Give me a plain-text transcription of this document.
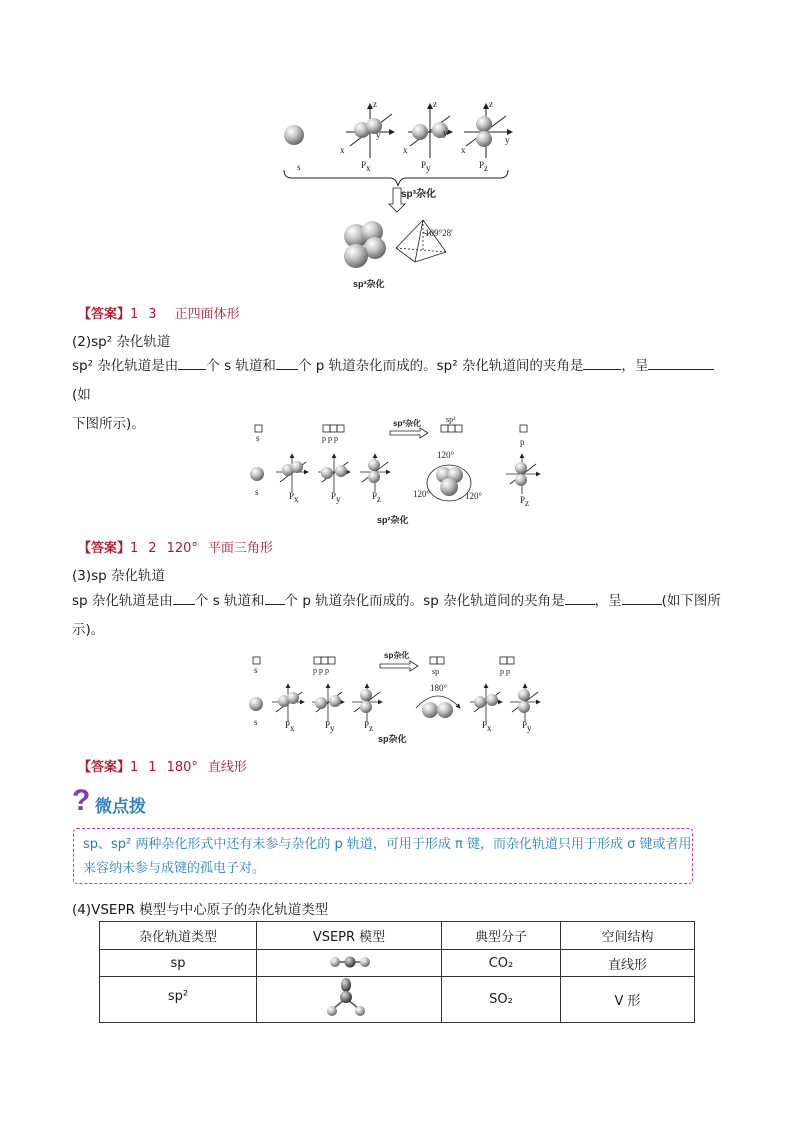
?
s	$P_x$	$P_y$	$P_z$
x
z
y
x
z
y
x
z
y
sp³杂化
109°28′
sp³杂化
【答案】1 3 正四面体形
(2)sp² 杂化轨道
sp² 杂化轨道是由 个 s 轨道和 个 p 轨道杂化而成的。sp² 杂化轨道间的夹角是	，呈(如
下图所示)。
s	p p p
sp²杂化	sp²
p
s	$P_x$	$P_y$	$P_z$	$P_z$
120°
120°	120°
sp²杂化
【答案】1 2 120° 平面三角形
(3)sp 杂化轨道
sp 杂化轨道是由 个 s 轨道和 个 p 轨道杂化而成的。sp 杂化轨道间的夹角是 ，呈	(如下图所
示)。
s	p p p
sp杂化
sp	p p
180°
s	$P_x$	$P_y$	$P_z$	$P_x$	$P_y$
sp杂化
【答案】1 1 180° 直线形
微点拨
sp、sp² 两种杂化形式中还有未参与杂化的 p 轨道，可用于形成 π 键，而杂化轨道只用于形成 σ 键或者用来容纳未参与成键的孤电子对。
(4)VSEPR 模型与中心原子的杂化轨道类型
杂化轨道类型	VSEPR 模型	典型分子	空间结构
sp		CO₂	直线形
sp²		SO₂	V 形
